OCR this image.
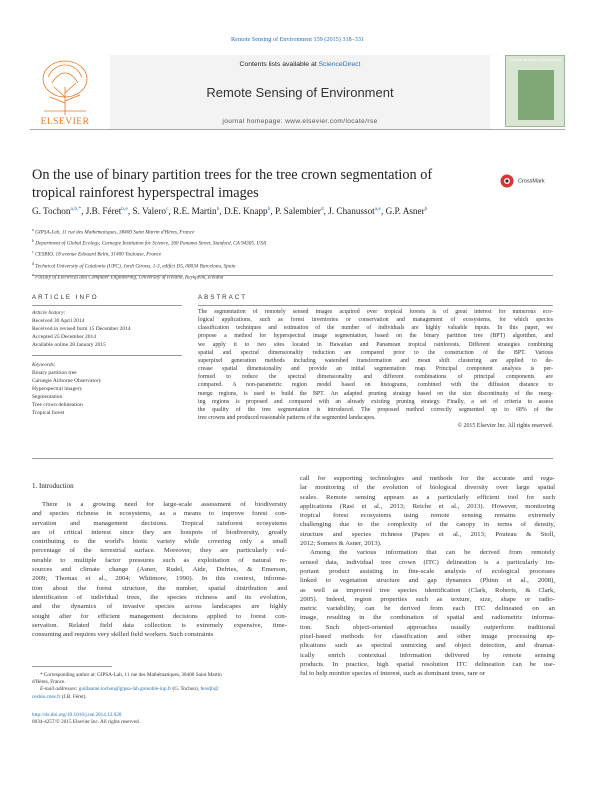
Remote Sensing of Environment 159 (2015) 318–331
ELSEVIER
Contents lists available at ScienceDirect
Remote Sensing of Environment
journal homepage: www.elsevier.com/locate/rse
Remote Sensing of Environment
On the use of binary partition trees for the tree crown segmentation of tropical rainforest hyperspectral images
CrossMark
G. Tochon$^{a,b,*}$, J.B. Féret$^{b,e}$, S. Valero$^c$, R.E. Martin$^b$, D.E. Knapp$^b$, P. Salembier$^d$, J. Chanussot$^{a,e}$, G.P. Asner$^b$
$^a$ GIPSA-Lab, 11 rue des Mathématiques, 38400 Saint Martin d'Hères, France
$^b$ Department of Global Ecology, Carnegie Institution for Science, 260 Panama Street, Stanford, CA 94305, USA
$^c$ CESBIO, 18 avenue Edouard Belin, 31400 Toulouse, France
$^d$ Technical University of Catalonia (UPC), Jordi Girona, 1-3, edifici D5, 08034 Barcelona, Spain
$^e$ Faculty of Electrical and Computer Engineering, University of Iceland, Reykjavik, Iceland
ARTICLE INFO
Article history:
Received 30 April 2014
Received in revised form 15 December 2014
Accepted 25 December 2014
Available online 28 January 2015
Keywords:
Binary partition tree
Carnegie Airborne Observatory
Hyperspectral imagery
Segmentation
Tree crown delineation
Tropical forest
ABSTRACT
The segmentation of remotely sensed images acquired over tropical forests is of great interest for numerous eco-
logical applications, such as forest inventories or conservation and management of ecosystems, for which species
classification techniques and estimation of the number of individuals are highly valuable inputs. In this paper, we
propose a method for hyperspectral image segmentation, based on the binary partition tree (BPT) algorithm, and
we apply it to two sites located in Hawaiian and Panamean tropical rainforests. Different strategies combining
spatial and spectral dimensionality reduction are compared prior to the construction of the BPT. Various
superpixel generation methods including watershed transformation and mean shift clustering are applied to de-
crease spatial dimensionality and provide an initial segmentation map. Principal component analysis is per-
formed to reduce the spectral dimensionality and different combinations of principal components are
compared. A non-parametric region model based on histograms, combined with the diffusion distance to
merge regions, is used to build the BPT. An adapted pruning strategy based on the size discontinuity of the merg-
ing regions is proposed and compared with an already existing pruning strategy. Finally, a set of criteria to assess
the quality of the tree segmentation is introduced. The proposed method correctly segmented up to 68% of the
tree crowns and produced reasonable patterns of the segmented landscapes.
© 2015 Elsevier Inc. All rights reserved.
1. Introduction
There is a growing need for large-scale assessment of biodiversity
and species richness in ecosystems, as a means to improve forest con-
servation and management decisions. Tropical rainforest ecosystems
are of critical interest since they are hotspots of biodiversity, greatly
contributing to the world's biotic variety while covering only a small
percentage of the terrestrial surface. Moreover, they are particularly vul-
nerable to multiple factor pressures such as exploitation of natural re-
sources and climate change (Asner, Rudel, Aide, Defries, & Emerson,
2009; Thomas et al., 2004; Whitmore, 1990). In this context, informa-
tion about the forest structure, the number, spatial distribution and
identification of individual trees, the species richness and its evolution,
and the dynamics of invasive species across landscapes are highly
sought after for efficient management decisions applied to forest con-
servation. Related field data collection is extremely expensive, time-
consuming and requires very skilled field workers. Such constraints
call for supporting technologies and methods for the accurate and regu-
lar monitoring of the evolution of biological diversity over large spatial
scales. Remote sensing appears as a particularly efficient tool for such
applications (Rasi et al., 2013; Reiche et al., 2013). However, monitoring
tropical forest ecosystems using remote sensing remains extremely
challenging due to the complexity of the canopy in terms of density,
structure and species richness (Papes et al., 2013; Pouteau & Stoll,
2012; Somers & Asner, 2013).
Among the various information that can be derived from remotely
sensed data, individual tree crown (ITC) delineation is a particularly im-
portant product assisting in fine-scale analysis of ecological processes
linked to vegetation structure and gap dynamics (Phinn et al., 2008),
as well as improved tree species identification (Clark, Roberts, & Clark,
2005). Indeed, region properties such as texture, size, shape or radio-
metric variability, can be derived from each ITC delineated on an
image, resulting in the combination of spatial and radiometric informa-
tion. Such object-oriented approaches usually outperform traditional
pixel-based methods for classification and other image processing ap-
plications such as spectral unmixing and object detection, and dramat-
ically enrich contextual information delivered by remote sensing
products. In practice, high spatial resolution ITC delineation can be use-
ful to help monitor species of interest, such as dominant trees, rare or
* Corresponding author at: GIPSA-Lab, 11 rue des Mathématiques, 38400 Saint Martin
d'Hères, France.
E-mail addresses: guillaume.tochon@gipsa-lab.grenoble-inp.fr (G. Tochon), feretjb@
cesbio.cnes.fr (J.B. Féret).
http://dx.doi.org/10.1016/j.rse.2014.12.020
0034-4257/© 2015 Elsevier Inc. All rights reserved.
